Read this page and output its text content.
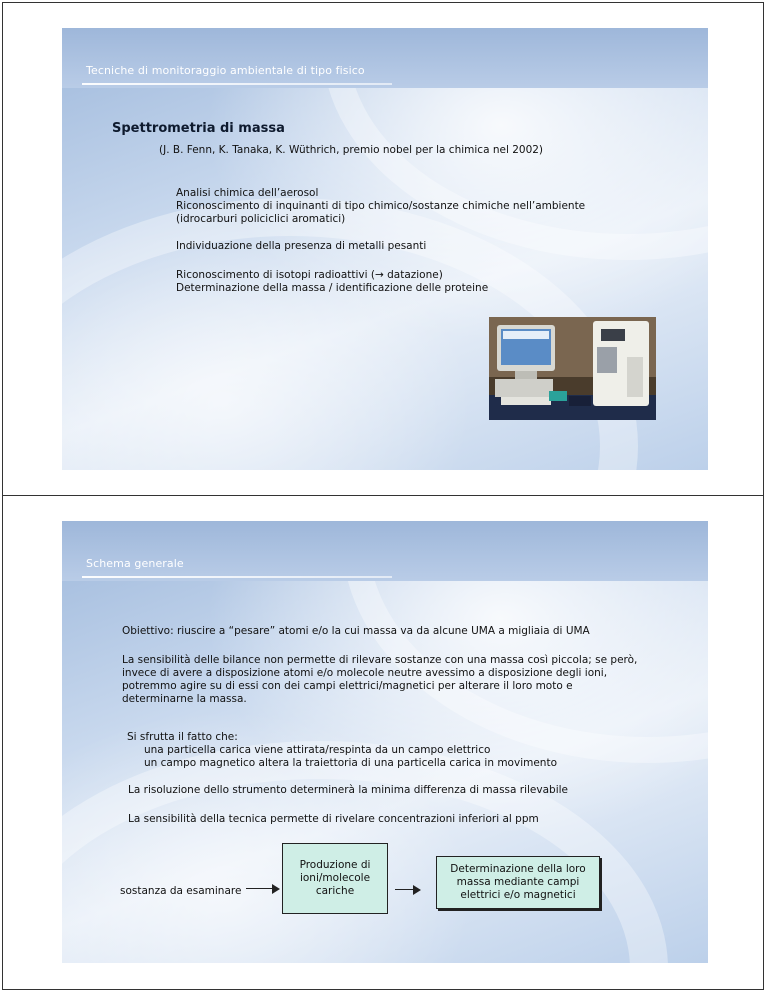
Tecniche di monitoraggio ambientale di tipo fisico
Spettrometria di massa
(J. B. Fenn, K. Tanaka, K. Wüthrich, premio nobel per la chimica nel 2002)
Analisi chimica dell’aerosol
Riconoscimento di inquinanti di tipo chimico/sostanze chimiche nell’ambiente
(idrocarburi policiclici aromatici)
Individuazione della presenza di metalli pesanti
Riconoscimento di isotopi radioattivi (→ datazione)
Determinazione della massa / identificazione delle proteine
Schema generale
Obiettivo: riuscire a “pesare” atomi e/o la cui massa va da alcune UMA a migliaia di UMA
La sensibilità delle bilance non permette di rilevare sostanze con una massa così piccola; se però,
invece di avere a disposizione atomi e/o molecole neutre avessimo a disposizione degli ioni,
potremmo agire su di essi con dei campi elettrici/magnetici per alterare il loro moto e
determinarne la massa.
Si sfrutta il fatto che:
una particella carica viene attirata/respinta da un campo elettrico
un campo magnetico altera la traiettoria di una particella carica in movimento
La risoluzione dello strumento determinerà la minima differenza di massa rilevabile
La sensibilità della tecnica permette di rivelare concentrazioni inferiori al ppm
sostanza da esaminare
Produzione di
ioni/molecole
cariche
Determinazione della loro
massa mediante campi
elettrici e/o magnetici
